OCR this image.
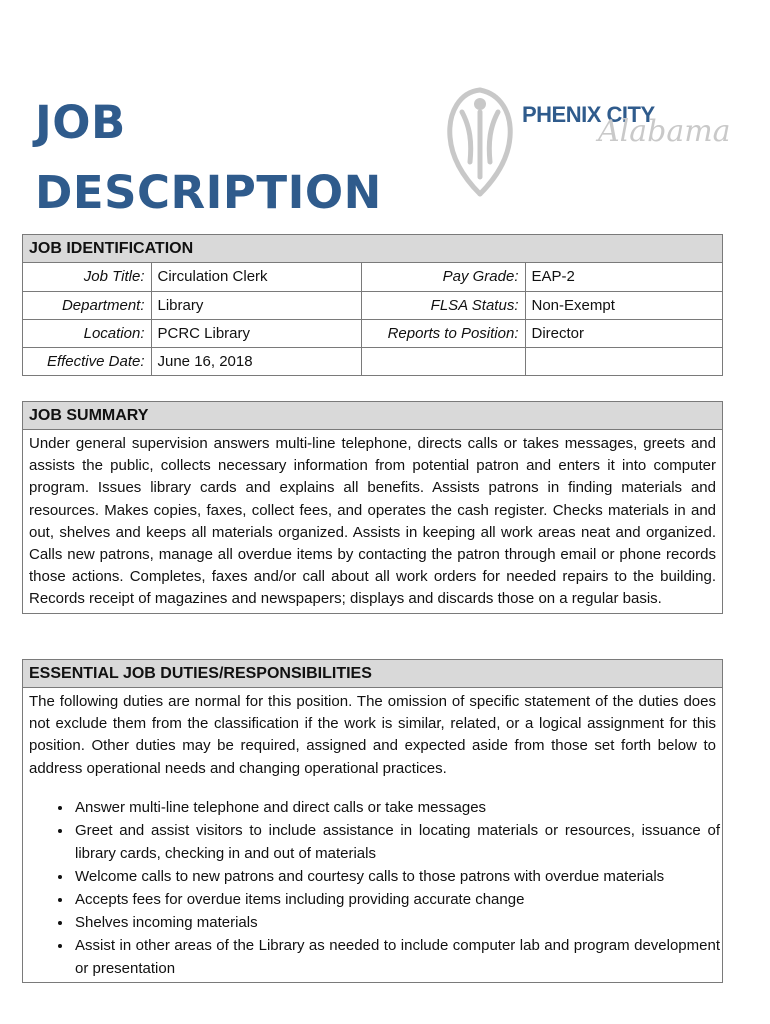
JOB
DESCRIPTION
PHENIX CITY
Alabama
JOB IDENTIFICATION
Job Title:	Circulation Clerk	Pay Grade:	EAP-2
Department:	Library	FLSA Status:	Non-Exempt
Location:	PCRC Library	Reports to Position:	Director
Effective Date:	June 16, 2018		
JOB SUMMARY
Under general supervision answers multi-line telephone, directs calls or takes messages, greets and assists the public, collects necessary information from potential patron and enters it into computer program. Issues library cards and explains all benefits. Assists patrons in finding materials and resources. Makes copies, faxes, collect fees, and operates the cash register. Checks materials in and out, shelves and keeps all materials organized. Assists in keeping all work areas neat and organized. Calls new patrons, manage all overdue items by contacting the patron through email or phone records those actions. Completes, faxes and/or call about all work orders for needed repairs to the building. Records receipt of magazines and newspapers; displays and discards those on a regular basis.
ESSENTIAL JOB DUTIES/RESPONSIBILITIES
The following duties are normal for this position. The omission of specific statement of the duties does not exclude them from the classification if the work is similar, related, or a logical assignment for this position. Other duties may be required, assigned and expected aside from those set forth below to address operational needs and changing operational practices.
• Answer multi-line telephone and direct calls or take messages
• Greet and assist visitors to include assistance in locating materials or resources, issuance of library cards, checking in and out of materials
• Welcome calls to new patrons and courtesy calls to those patrons with overdue materials
• Accepts fees for overdue items including providing accurate change
• Shelves incoming materials
• Assist in other areas of the Library as needed to include computer lab and program development or presentation
